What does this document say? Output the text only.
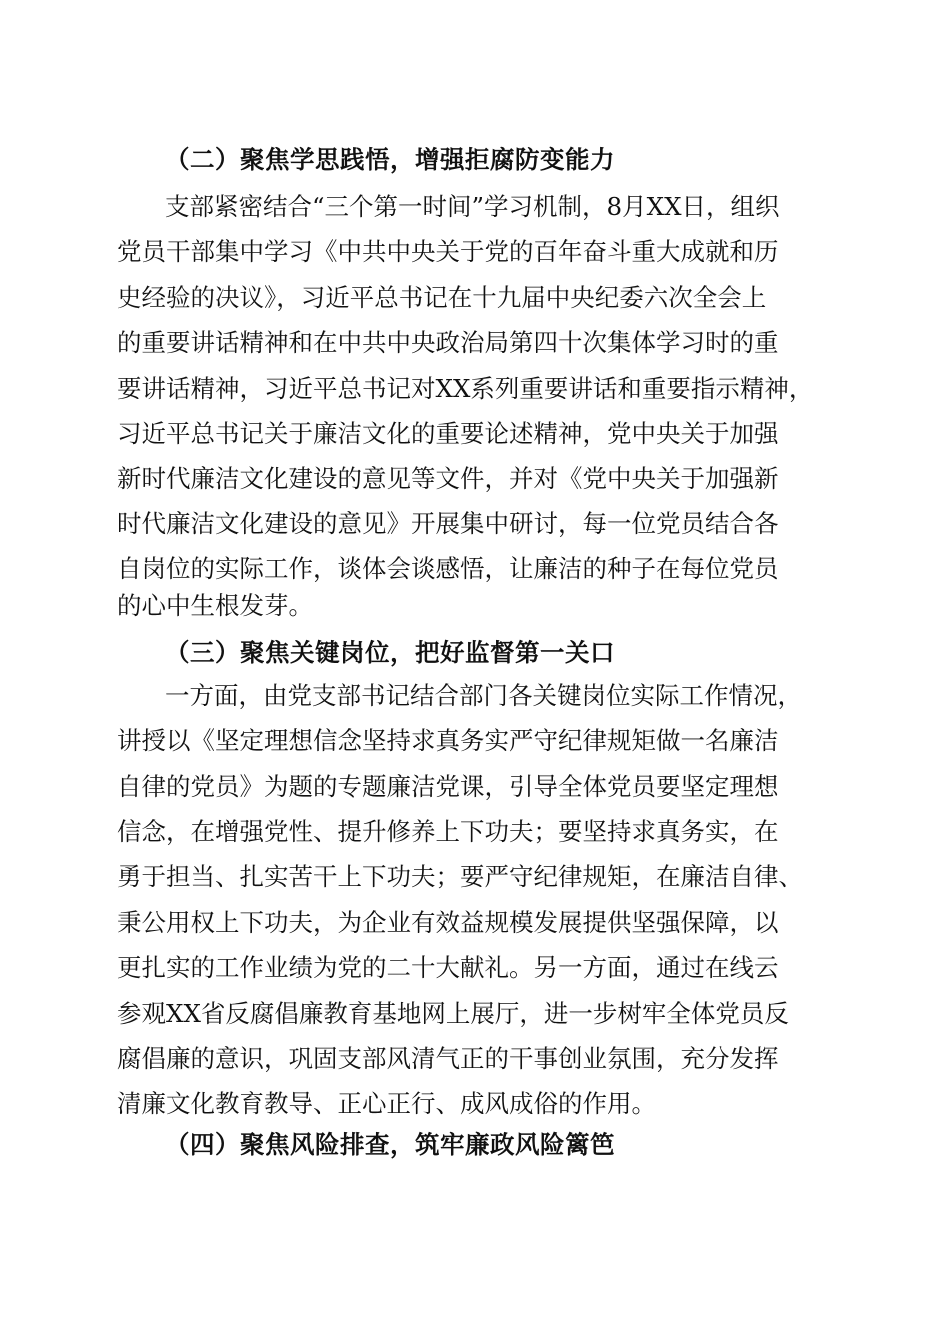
（二）聚焦学思践悟，增强拒腐防变能力
支部紧密结合“三个第一时间”学习机制，8月XX日，组织
党员干部集中学习《中共中央关于党的百年奋斗重大成就和历
史经验的决议》，习近平总书记在十九届中央纪委六次全会上
的重要讲话精神和在中共中央政治局第四十次集体学习时的重
要讲话精神，习近平总书记对XX系列重要讲话和重要指示精神，
习近平总书记关于廉洁文化的重要论述精神，党中央关于加强
新时代廉洁文化建设的意见等文件，并对《党中央关于加强新
时代廉洁文化建设的意见》开展集中研讨，每一位党员结合各
自岗位的实际工作，谈体会谈感悟，让廉洁的种子在每位党员
的心中生根发芽。
（三）聚焦关键岗位，把好监督第一关口
一方面，由党支部书记结合部门各关键岗位实际工作情况，
讲授以《坚定理想信念坚持求真务实严守纪律规矩做一名廉洁
自律的党员》为题的专题廉洁党课，引导全体党员要坚定理想
信念，在增强党性、提升修养上下功夫；要坚持求真务实，在
勇于担当、扎实苦干上下功夫；要严守纪律规矩，在廉洁自律、
秉公用权上下功夫，为企业有效益规模发展提供坚强保障，以
更扎实的工作业绩为党的二十大献礼。另一方面，通过在线云
参观XX省反腐倡廉教育基地网上展厅，进一步树牢全体党员反
腐倡廉的意识，巩固支部风清气正的干事创业氛围，充分发挥
清廉文化教育教导、正心正行、成风成俗的作用。
（四）聚焦风险排查，筑牢廉政风险篱笆
